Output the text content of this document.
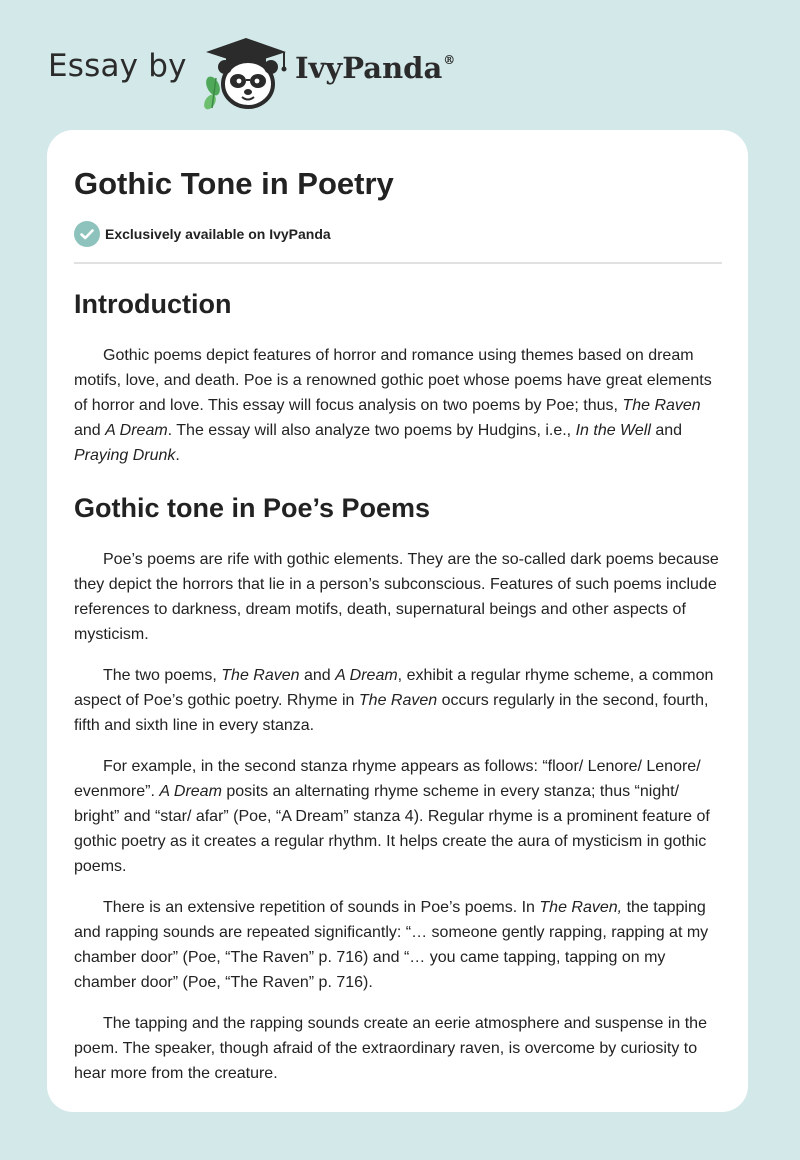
Essay by	IvyPanda®
Gothic Tone in Poetry
Exclusively available on IvyPanda
Introduction

Gothic poems depict features of horror and romance using themes based on dream motifs, love, and death. Poe is a renowned gothic poet whose poems have great elements of horror and love. This essay will focus analysis on two poems by Poe; thus, The Raven and A Dream. The essay will also analyze two poems by Hudgins, i.e., In the Well and Praying Drunk.

Gothic tone in Poe’s Poems

Poe’s poems are rife with gothic elements. They are the so-called dark poems because they depict the horrors that lie in a person’s subconscious. Features of such poems include references to darkness, dream motifs, death, supernatural beings and other aspects of mysticism.

The two poems, The Raven and A Dream, exhibit a regular rhyme scheme, a common aspect of Poe’s gothic poetry. Rhyme in The Raven occurs regularly in the second, fourth, fifth and sixth line in every stanza.

For example, in the second stanza rhyme appears as follows: “floor/ Lenore/ Lenore/ evenmore”. A Dream posits an alternating rhyme scheme in every stanza; thus “night/ bright” and “star/ afar” (Poe, “A Dream” stanza 4). Regular rhyme is a prominent feature of gothic poetry as it creates a regular rhythm. It helps create the aura of mysticism in gothic poems.

There is an extensive repetition of sounds in Poe’s poems. In The Raven, the tapping and rapping sounds are repeated significantly: “… someone gently rapping, rapping at my chamber door” (Poe, “The Raven” p. 716) and “… you came tapping, tapping on my chamber door” (Poe, “The Raven” p. 716).

The tapping and the rapping sounds create an eerie atmosphere and suspense in the poem. The speaker, though afraid of the extraordinary raven, is overcome by curiosity to hear more from the creature.
